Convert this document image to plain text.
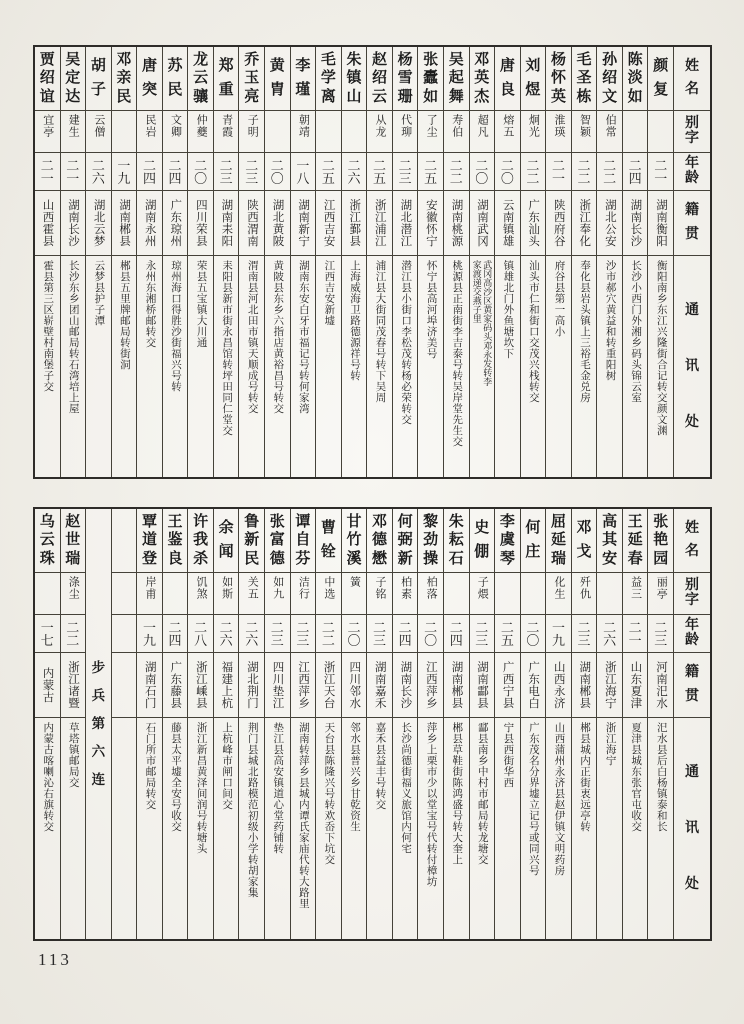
姓
名
别
字
年
龄
籍
贯
通
讯
处
颜
复
二
一
湖南衡阳
衡阳南乡东江兴隆街合记转交颜文渊
陈
淡
如
二
四
湖南长沙
长沙小西门外湘乡码头锦云室
孙
绍
文
伯常
二
二
湖北公安
沙市郝穴黄益和转重阳树
毛
圣
栋
智颖
二
二
浙江奉化
奉化县岩头镇上三裕毛金兑房
杨
怀
英
淮瑛
二
一
陕西府谷
府谷县第一高小
刘
煜
炯光
二
二
广东汕头
汕头市仁和街口交茂兴栈转交
唐
良
熔五
二
〇
云南镇雄
镇雄北门外鱼塘坎下
邓
英
杰
超凡
二
〇
湖南武冈
武冈高沙区黄家码头邓永发转李家渡递交燕子里
吴
起
舞
寿伯
二
二
湖南桃源
桃源县正南街李吉泰号转吴岸堂先生交
张
蠹
如
了尘
二
五
安徽怀宁
怀宁县高河埠济美号
杨
雪
珊
代珋
二
三
湖北潜江
潜江县小街口李松茂转杨必荣转交
赵
绍
云
从龙
二
五
浙江浦江
浦江县大街同茂春号转下吴周
朱
镇
山
二
六
浙江鄞县
上海威海卫路德源祥号转
毛
学
离
二
五
江西吉安
江西吉安新墟
李
瑾
朝靖
一
八
湖南新宁
湖南东安白牙市福记号转何家湾
黄
胄
二
〇
湖北黄陂
黄陂县东乡六指店黄裕昌号转交
乔
玉
亮
子明
二
三
陕西渭南
渭南县河北田市镇天顺成号转交
郑
重
青霞
二
三
湖南耒阳
耒阳县新市街永昌馆转坪田同仁堂交
龙
云
骧
仲夔
二
〇
四川荣县
荣县五宝镇大川通
苏
民
文卿
二
四
广东琼州
琼州海口得胜沙街福兴号转
唐
突
民岩
二
四
湖南永州
永州东湘桥邮转交
邓
亲
民
一
九
湖南郴县
郴县五里牌邮局转街洞
胡
子
云僧
二
六
湖北云梦
云梦县护子潭
吴
定
达
建生
二
一
湖南长沙
长沙东乡团山邮局转石湾培上屋
贾
绍
谊
宜亭
二
一
山西霍县
霍县第三区崭壁村南堡子交
姓
名
别
字
年
龄
籍
贯
通
讯
处
张
艳
园
丽亭
二
三
河南汜水
汜水县后白杨镇泰和长
王
延
春
益三
二
一
山东夏津
夏津县城东张官屯收交
高
其
安
二
六
浙江海宁
浙江海宁
邓
戈
歼仇
二
三
湖南郴县
郴县城内正街衷远亭转
屈
延
瑞
化生
一
九
山西永济
山西蒲州永济县赵伊镇文明药房
何
庄
二
〇
广东电白
广东茂名分界墟立记号或同兴号
李
虞
琴
二
五
广西宁县
宁县西街华西
史
倗
子煨
二
三
湖南酃县
酃县南乡中村市邮局转龙塘交
朱
耘
石
二
四
湖南郴县
郴县草鞋街陈鸿盛号转大奎上
黎
劲
操
柏落
二
〇
江西萍乡
萍乡上栗市少以堂宝号代转付樟坊
何
弼
新
柏素
二
四
湖南长沙
长沙尚德街福义旅馆内何宅
邓
德
懋
子铭
二
三
湖南嘉禾
嘉禾县益丰号转交
甘
竹
溪
簧
二
〇
四川邻水
邻水县普兴乡甘乾资生
曹
铨
中选
二
二
浙江天台
天台县陈隆兴号转欢岙下坑交
谭
自
芬
洁行
二
三
江西萍乡
湖南转萍乡县城内谭氏家庙代转大路里
张
富
德
如九
二
三
四川垫江
垫江县高安镇道心堂药铺转
鲁
新
民
关五
二
六
湖北荆门
荆门县城北路模范初级小学转胡家集
余
闻
如斯
二
六
福建上杭
上杭峰市闸口间交
许
我
杀
饥煞
二
八
浙江嵊县
浙江新昌黄泽间润号转塘头
王
鉴
良
二
四
广东藤县
藤县太平墟全安号收交
覃
道
登
岸甫
一
九
湖南石门
石门所市邮局转交
步
兵
第
六
连
赵
世
瑞
涤尘
二
二
浙江诸暨
草塔镇邮局交
乌
云
珠
一
七
内蒙古
内蒙古喀喇沁右旗转交
113
